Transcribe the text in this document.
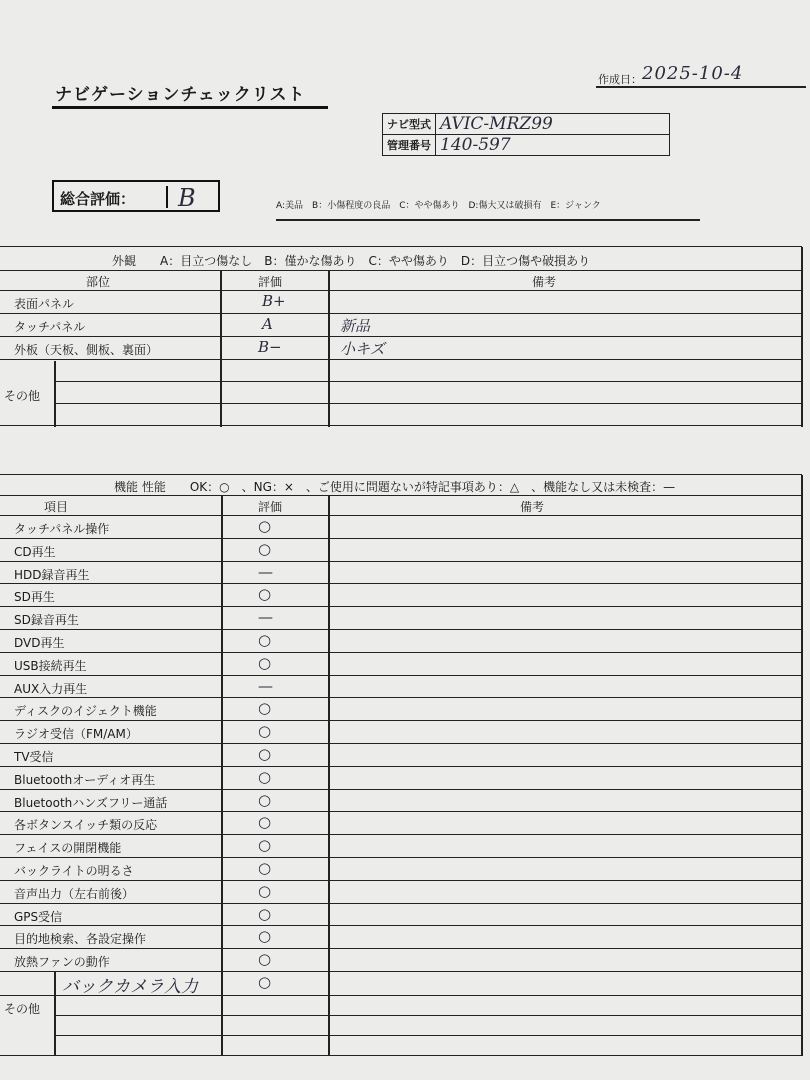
ナビゲーションチェックリスト
作成日： 2025-10-4
ナビ型式	AVIC-MRZ99
管理番号	140-597
総合評価： B	A:美品　B：小傷程度の良品　C：やや傷あり　D:傷大又は破損有　E：ジャンク
外観　　A：目立つ傷なし　B：僅かな傷あり　C：やや傷あり　D：目立つ傷や破損あり
部位	評価	備考
表面パネル	B+
タッチパネル	A	新品
外板（天板、側板、裏面）	B−	小キズ
その他
機能 性能　　OK：○　、NG：×　、ご使用に問題ないが特記事項あり：△　、機能なし又は未検査：—
項目	評価	備考
タッチパネル操作	○
CD再生	○
HDD録音再生	—
SD再生	○
SD録音再生	—
DVD再生	○
USB接続再生	○
AUX入力再生	—
ディスクのイジェクト機能	○
ラジオ受信（FM/AM）	○
TV受信	○
Bluetoothオーディオ再生	○
Bluetoothハンズフリー通話	○
各ボタンスイッチ類の反応	○
フェイスの開閉機能	○
バックライトの明るさ	○
音声出力（左右前後）	○
GPS受信	○
目的地検索、各設定操作	○
放熱ファンの動作	○
バックカメラ入力	○
その他
